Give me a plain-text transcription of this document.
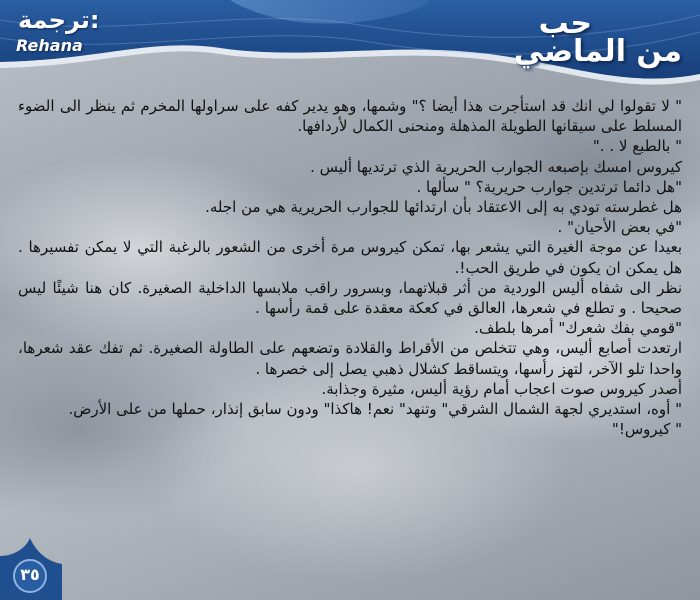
ترجمة:
Rehana
حب
من الماضي

" لا تقولوا لي انك قد استأجرت هذا أيضا ؟" وشمها، وهو يدير كفه على سراولها المخرم ثم ينظر الى الضوء المسلط على سيقانها الطويلة المذهلة ومنحنى الكمال لأردافها.

" بالطبع لا . ."

كيروس امسك بإصبعه الجوارب الحريرية الذي ترتديها أليس .

"هل دائما ترتدين جوارب حريرية؟ " سألها .

هل غطرسته تودي به إلى الاعتقاد بأن ارتدائها للجوارب الحريرية هي من اجله.

"في بعض الأحيان" .

بعيدا عن موجة الغيرة التي يشعر بها، تمكن كيروس مرة أخرى من الشعور بالرغبة التي لا يمكن تفسيرها . هل يمكن ان يكون في طريق الحب!.

نظر الى شفاه أليس الوردية من أثر قبلاتهما، وبسرور راقب ملابسها الداخلية الصغيرة. كان هنا شيئًا ليس صحيحا . و تطلع في شعرها، العالق في كعكة معقدة على قمة رأسها .

"قومي بفك شعرك" أمرها بلطف.

ارتعدت أصابع أليس، وهي تتخلص من الأقراط والقلادة وتضعهم على الطاولة الصغيرة. ثم تفك عقد شعرها، واحدا تلو الآخر، لتهز رأسها، ويتساقط كشلال ذهبي يصل إلى خصرها .

أصدر كيروس صوت اعجاب أمام رؤية أليس، مثيرة وجذابة.

" أوه، استديري لجهة الشمال الشرقي" وتنهد" نعم! هاكذا" ودون سابق إنذار، حملها من على الأرض.

" كيروس!"

٣٥
